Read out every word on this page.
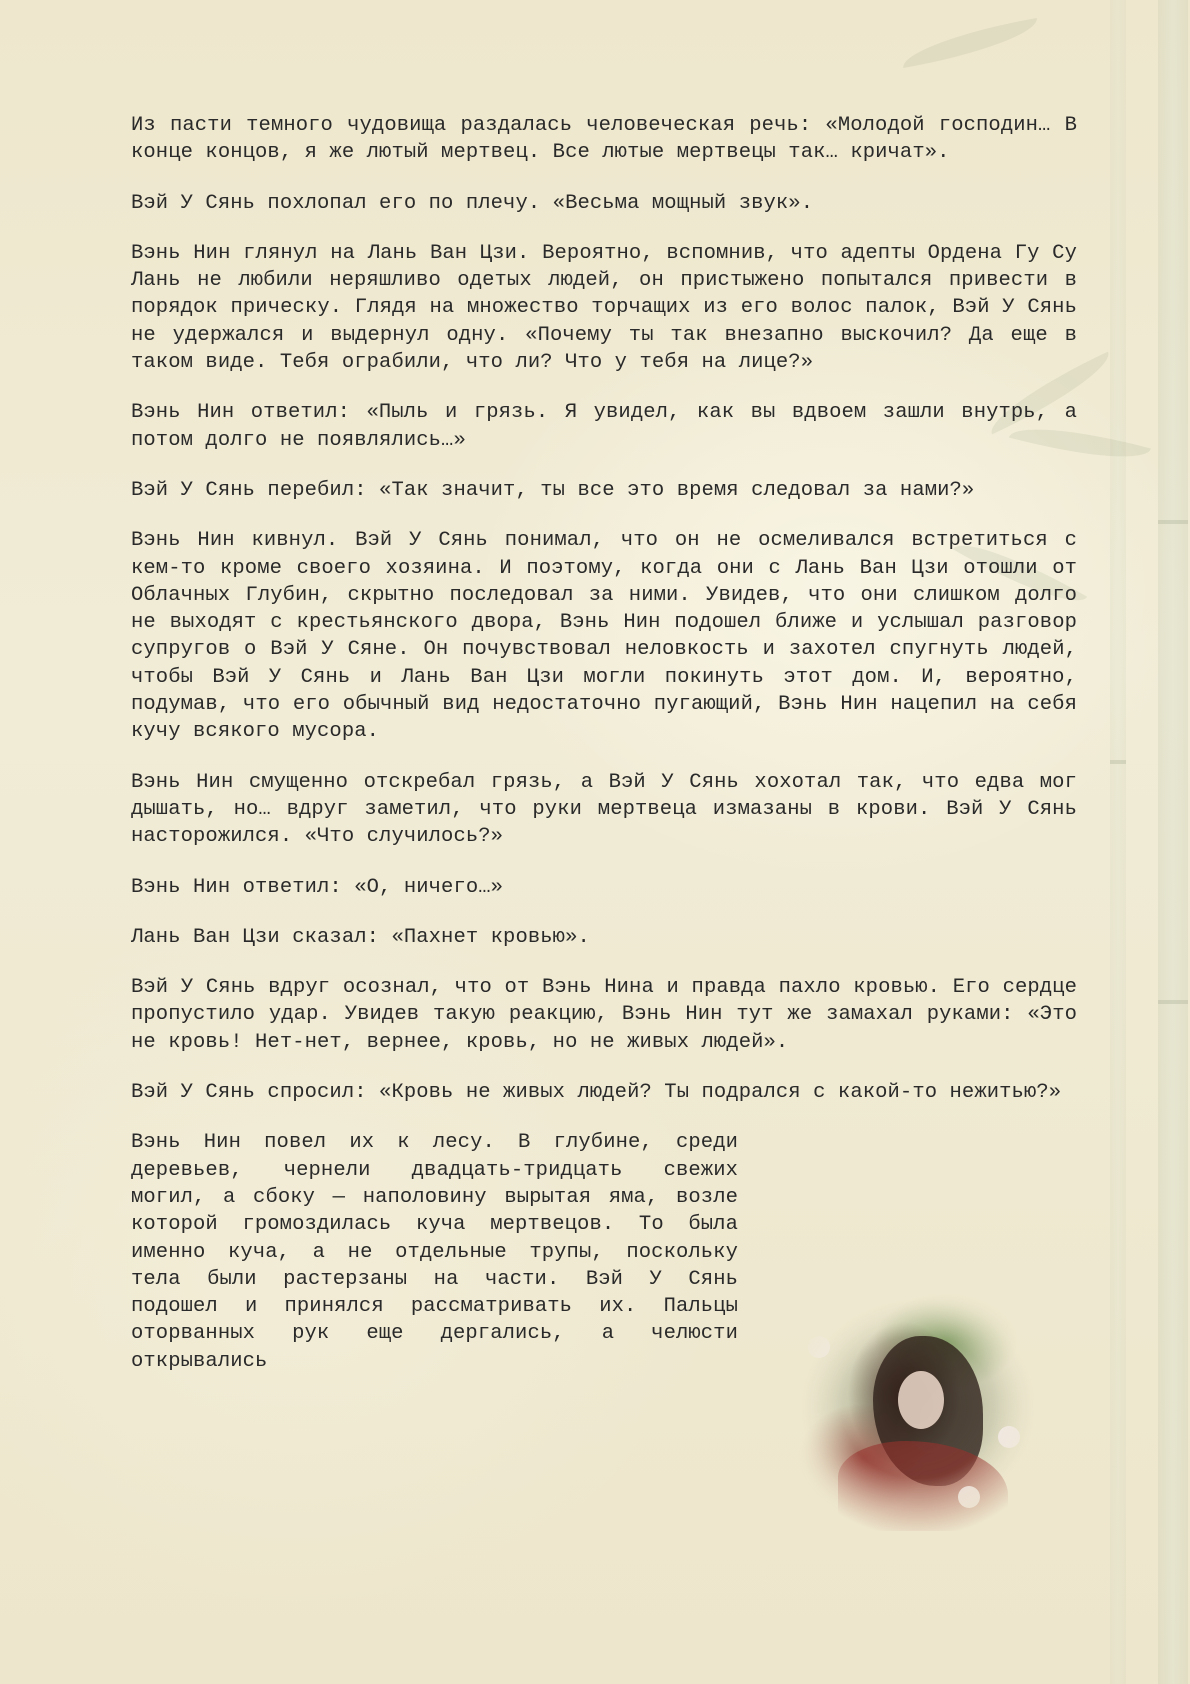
Из пасти темного чудовища раздалась человеческая речь: «Молодой господин… В конце концов, я же лютый мертвец. Все лютые мертвецы так… кричат».

Вэй У Сянь похлопал его по плечу. «Весьма мощный звук».

Вэнь Нин глянул на Лань Ван Цзи. Вероятно, вспомнив, что адепты Ордена Гу Су Лань не любили неряшливо одетых людей, он пристыжено попытался привести в порядок прическу. Глядя на множество торчащих из его волос палок, Вэй У Сянь не удержался и выдернул одну. «Почему ты так внезапно выскочил? Да еще в таком виде. Тебя ограбили, что ли? Что у тебя на лице?»

Вэнь Нин ответил: «Пыль и грязь. Я увидел, как вы вдвоем зашли внутрь, а потом долго не появлялись…»

Вэй У Сянь перебил: «Так значит, ты все это время следовал за нами?»

Вэнь Нин кивнул. Вэй У Сянь понимал, что он не осмеливался встретиться с кем-то кроме своего хозяина. И поэтому, когда они с Лань Ван Цзи отошли от Облачных Глубин, скрытно последовал за ними. Увидев, что они слишком долго не выходят с крестьянского двора, Вэнь Нин подошел ближе и услышал разговор супругов о Вэй У Сяне. Он почувствовал неловкость и захотел спугнуть людей, чтобы Вэй У Сянь и Лань Ван Цзи могли покинуть этот дом. И, вероятно, подумав, что его обычный вид недостаточно пугающий, Вэнь Нин нацепил на себя кучу всякого мусора.

Вэнь Нин смущенно отскребал грязь, а Вэй У Сянь хохотал так, что едва мог дышать, но… вдруг заметил, что руки мертвеца измазаны в крови. Вэй У Сянь насторожился. «Что случилось?»

Вэнь Нин ответил: «О, ничего…»

Лань Ван Цзи сказал: «Пахнет кровью».

Вэй У Сянь вдруг осознал, что от Вэнь Нина и правда пахло кровью. Его сердце пропустило удар. Увидев такую реакцию, Вэнь Нин тут же замахал руками: «Это не кровь! Нет-нет, вернее, кровь, но не живых людей».

Вэй У Сянь спросил: «Кровь не живых людей? Ты подрался с какой-то нежитью?»

Вэнь Нин повел их к лесу. В глубине, среди деревьев, чернели двадцать-тридцать свежих могил, а сбоку — наполовину вырытая яма, возле которой громоздилась куча мертвецов. То была именно куча, а не отдельные трупы, поскольку тела были растерзаны на части. Вэй У Сянь подошел и принялся рассматривать их. Пальцы оторванных рук еще дергались, а челюсти открывались
